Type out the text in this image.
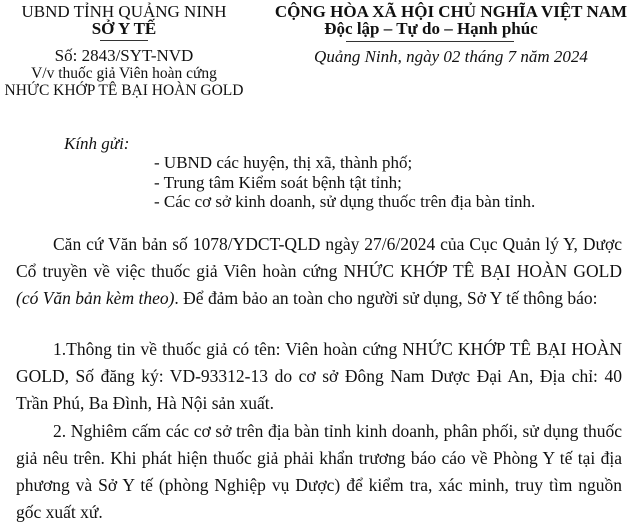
UBND TỈNH QUẢNG NINH
SỞ Y TẾ
Số: 2843/SYT-NVD
V/v thuốc giả Viên hoàn cứng
NHỨC KHỚP TÊ BẠI HOÀN GOLD
CỘNG HÒA XÃ HỘI CHỦ NGHĨA VIỆT NAM
Độc lập – Tự do – Hạnh phúc
Quảng Ninh, ngày 02 tháng 7 năm 2024
Kính gửi:
- UBND các huyện, thị xã, thành phố;
- Trung tâm Kiểm soát bệnh tật tỉnh;
- Các cơ sở kinh doanh, sử dụng thuốc trên địa bàn tỉnh.

Căn cứ Văn bản số 1078/YDCT-QLD ngày 27/6/2024 của Cục Quản lý Y, Dược Cổ truyền về việc thuốc giả Viên hoàn cứng NHỨC KHỚP TÊ BẠI HOÀN GOLD (có Văn bản kèm theo). Để đảm bảo an toàn cho người sử dụng, Sở Y tế thông báo:

1.Thông tin về thuốc giả có tên: Viên hoàn cứng NHỨC KHỚP TÊ BẠI HOÀN GOLD, Số đăng ký: VD-93312-13 do cơ sở Đông Nam Dược Đại An, Địa chỉ: 40 Trần Phú, Ba Đình, Hà Nội sản xuất.

2. Nghiêm cấm các cơ sở trên địa bàn tỉnh kinh doanh, phân phối, sử dụng thuốc giả nêu trên. Khi phát hiện thuốc giả phải khẩn trương báo cáo về Phòng Y tế tại địa phương và Sở Y tế (phòng Nghiệp vụ Dược) để kiểm tra, xác minh, truy tìm nguồn gốc xuất xứ.
